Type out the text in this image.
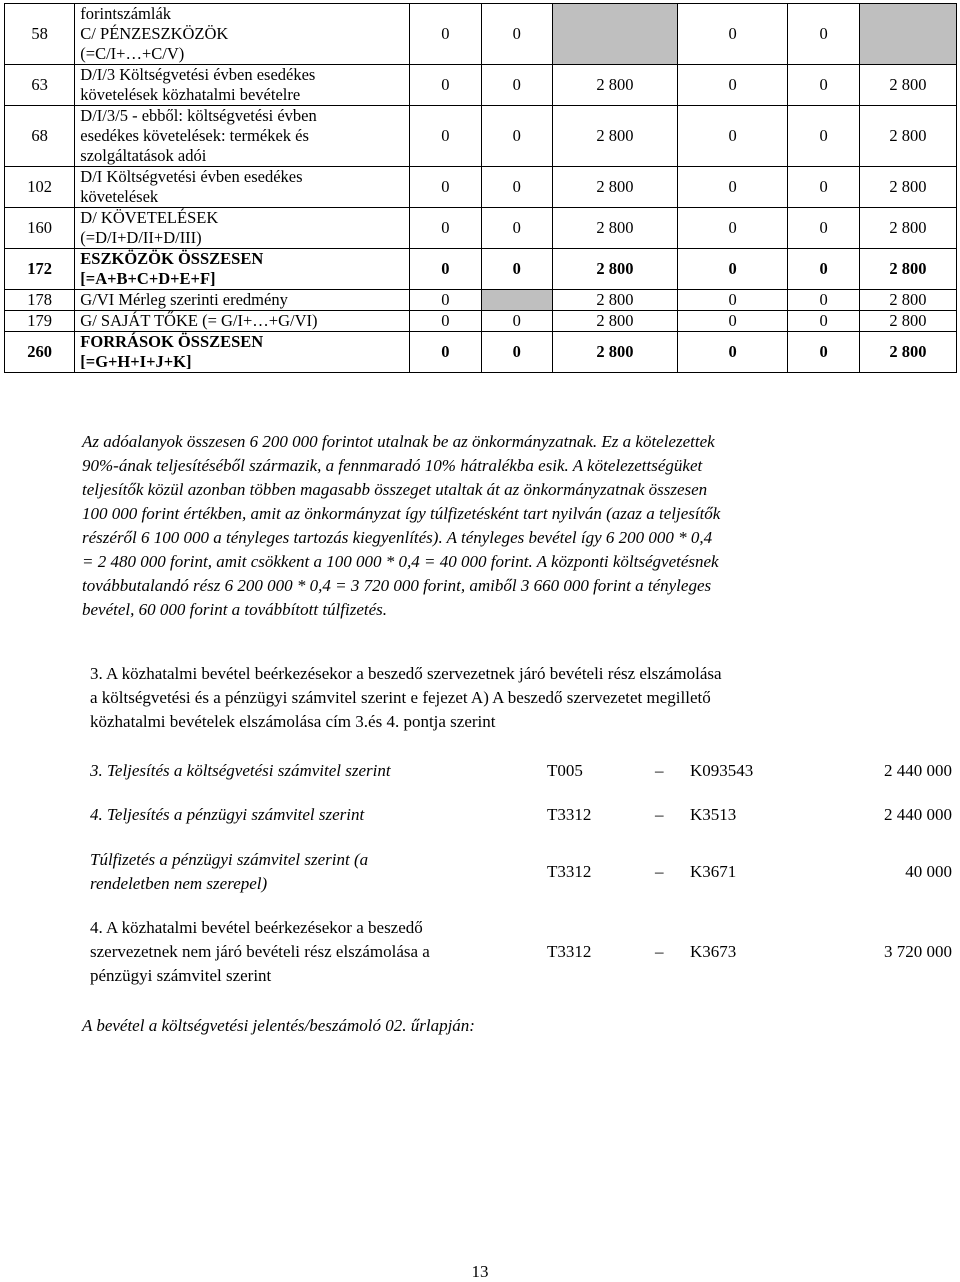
58	forintszámlák
C/ PÉNZESZKÖZÖK
(=C/I+…+C/V)	0	0		0	0	
63	D/I/3 Költségvetési évben esedékes
követelések közhatalmi bevételre	0	0	2 800	0	0	2 800
68	D/I/3/5 - ebből: költségvetési évben
esedékes követelések: termékek és
szolgáltatások adói	0	0	2 800	0	0	2 800
102	D/I Költségvetési évben esedékes
követelések	0	0	2 800	0	0	2 800
160	D/ KÖVETELÉSEK
(=D/I+D/II+D/III)	0	0	2 800	0	0	2 800
172	ESZKÖZÖK ÖSSZESEN
[=A+B+C+D+E+F]	0	0	2 800	0	0	2 800
178	G/VI Mérleg szerinti eredmény	0		2 800	0	0	2 800
179	G/ SAJÁT TŐKE (= G/I+…+G/VI)	0	0	2 800	0	0	2 800
260	FORRÁSOK ÖSSZESEN
[=G+H+I+J+K]	0	0	2 800	0	0	2 800
Az adóalanyok összesen 6 200 000 forintot utalnak be az önkormányzatnak. Ez a kötelezettek
90%-ának teljesítéséből származik, a fennmaradó 10% hátralékba esik. A kötelezettségüket
teljesítők közül azonban többen magasabb összeget utaltak át az önkormányzatnak összesen
100 000 forint értékben, amit az önkormányzat így túlfizetésként tart nyilván (azaz a teljesítők
részéről 6 100 000 a tényleges tartozás kiegyenlítés). A tényleges bevétel így 6 200 000 * 0,4
= 2 480 000 forint, amit csökkent a 100 000 * 0,4 = 40 000 forint. A központi költségvetésnek
továbbutalandó rész 6 200 000 * 0,4 = 3 720 000 forint, amiből 3 660 000 forint a tényleges
bevétel, 60 000 forint a továbbított túlfizetés.
3. A közhatalmi bevétel beérkezésekor a beszedő szervezetnek járó bevételi rész elszámolása
a költségvetési és a pénzügyi számvitel szerint e fejezet A) A beszedő szervezetet megillető
közhatalmi bevételek elszámolása cím 3.és 4. pontja szerint
3. Teljesítés a költségvetési számvitel szerint	T005	– K093543	2 440 000
4. Teljesítés a pénzügyi számvitel szerint	T3312	– K3513	2 440 000
Túlfizetés a pénzügyi számvitel szerint (a
rendeletben nem szerepel)
T3312	– K3671	40 000
4. A közhatalmi bevétel beérkezésekor a beszedő
szervezetnek nem járó bevételi rész elszámolása a
pénzügyi számvitel szerint
T3312	– K3673	3 720 000
A bevétel a költségvetési jelentés/beszámoló 02. űrlapján:
13
